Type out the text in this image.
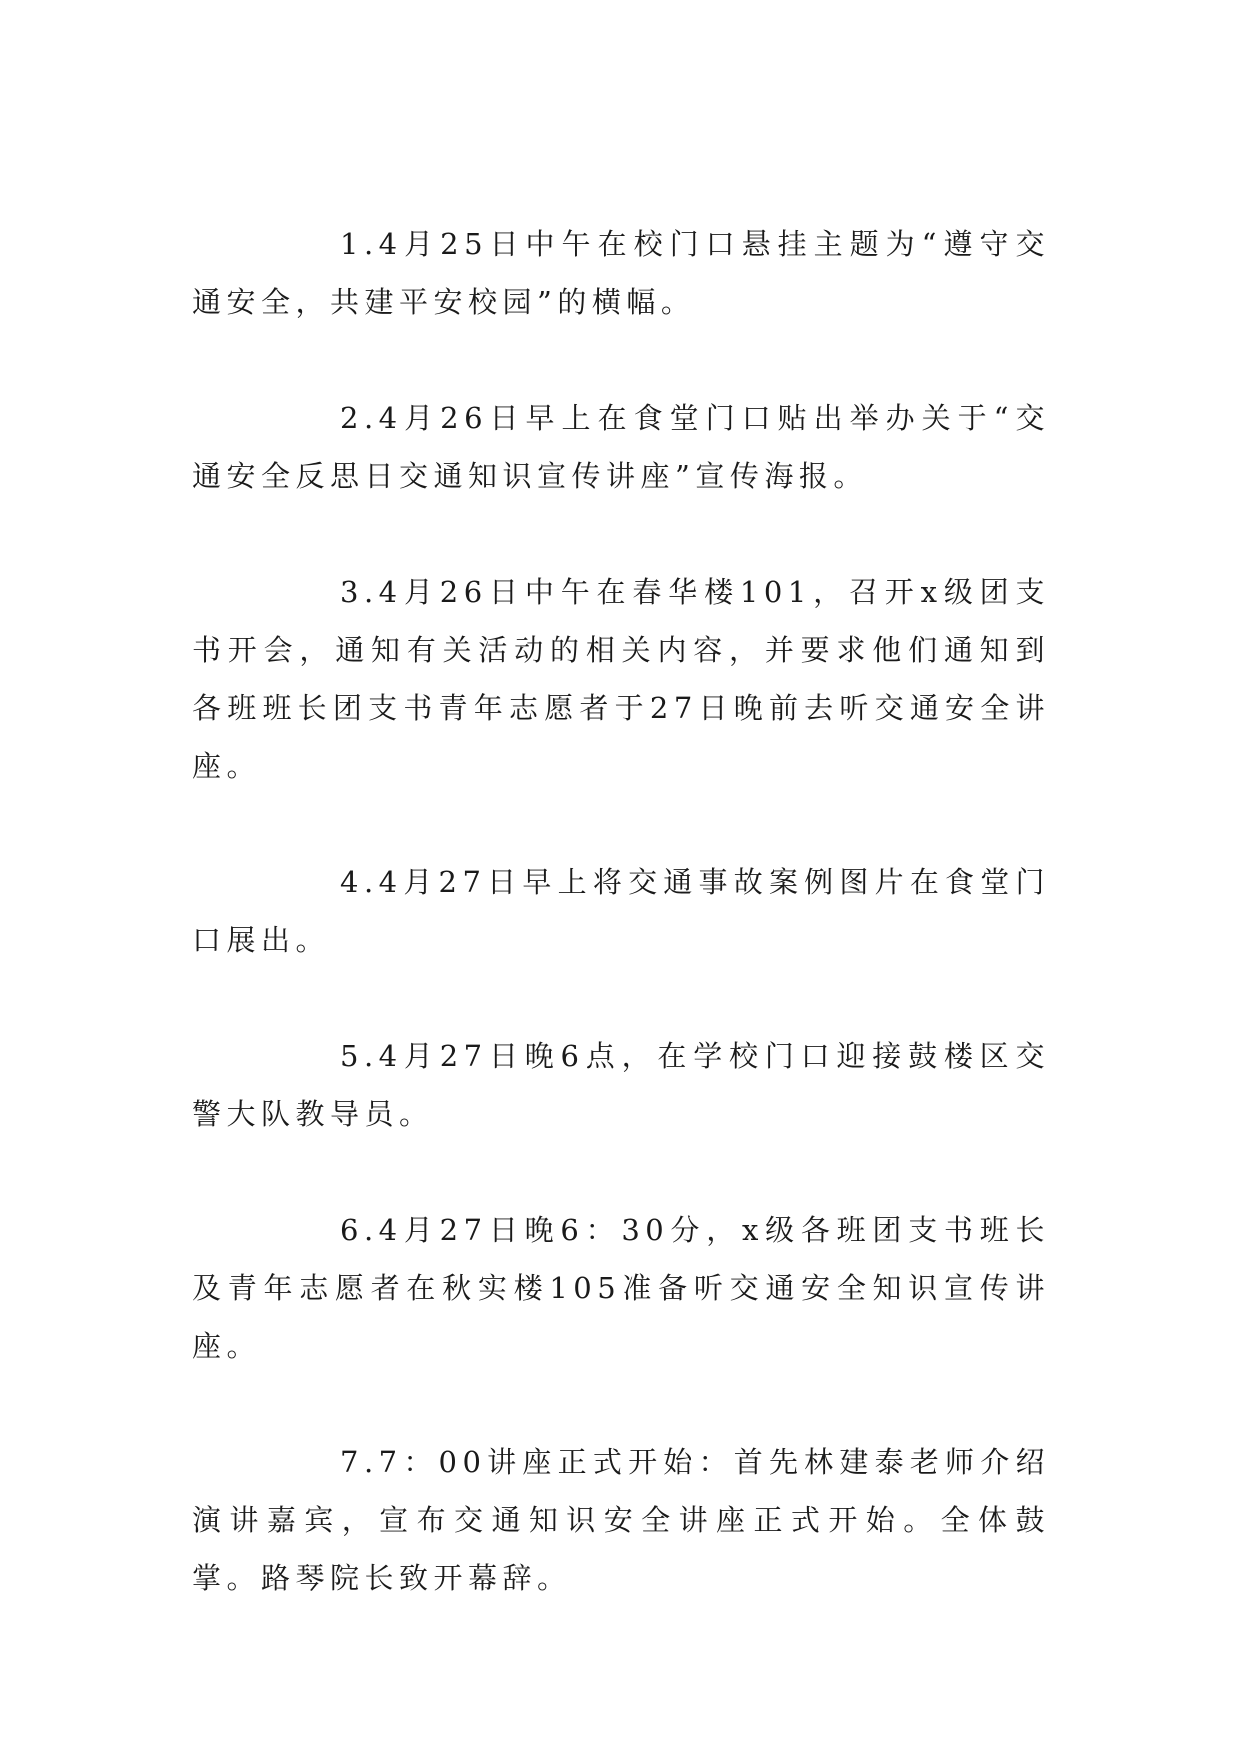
1.4月25日中午在校门口悬挂主题为“遵守交通安全，共建平安校园”的横幅。

2.4月26日早上在食堂门口贴出举办关于“交通安全反思日交通知识宣传讲座”宣传海报。

3.4月26日中午在春华楼101，召开x级团支书开会，通知有关活动的相关内容，并要求他们通知到各班班长团支书青年志愿者于27日晚前去听交通安全讲座。

4.4月27日早上将交通事故案例图片在食堂门口展出。

5.4月27日晚6点，在学校门口迎接鼓楼区交警大队教导员。

6.4月27日晚6：30分，x级各班团支书班长及青年志愿者在秋实楼105准备听交通安全知识宣传讲座。

7.7：00讲座正式开始：首先林建泰老师介绍演讲嘉宾，宣布交通知识安全讲座正式开始。全体鼓掌。路琴院长致开幕辞。
